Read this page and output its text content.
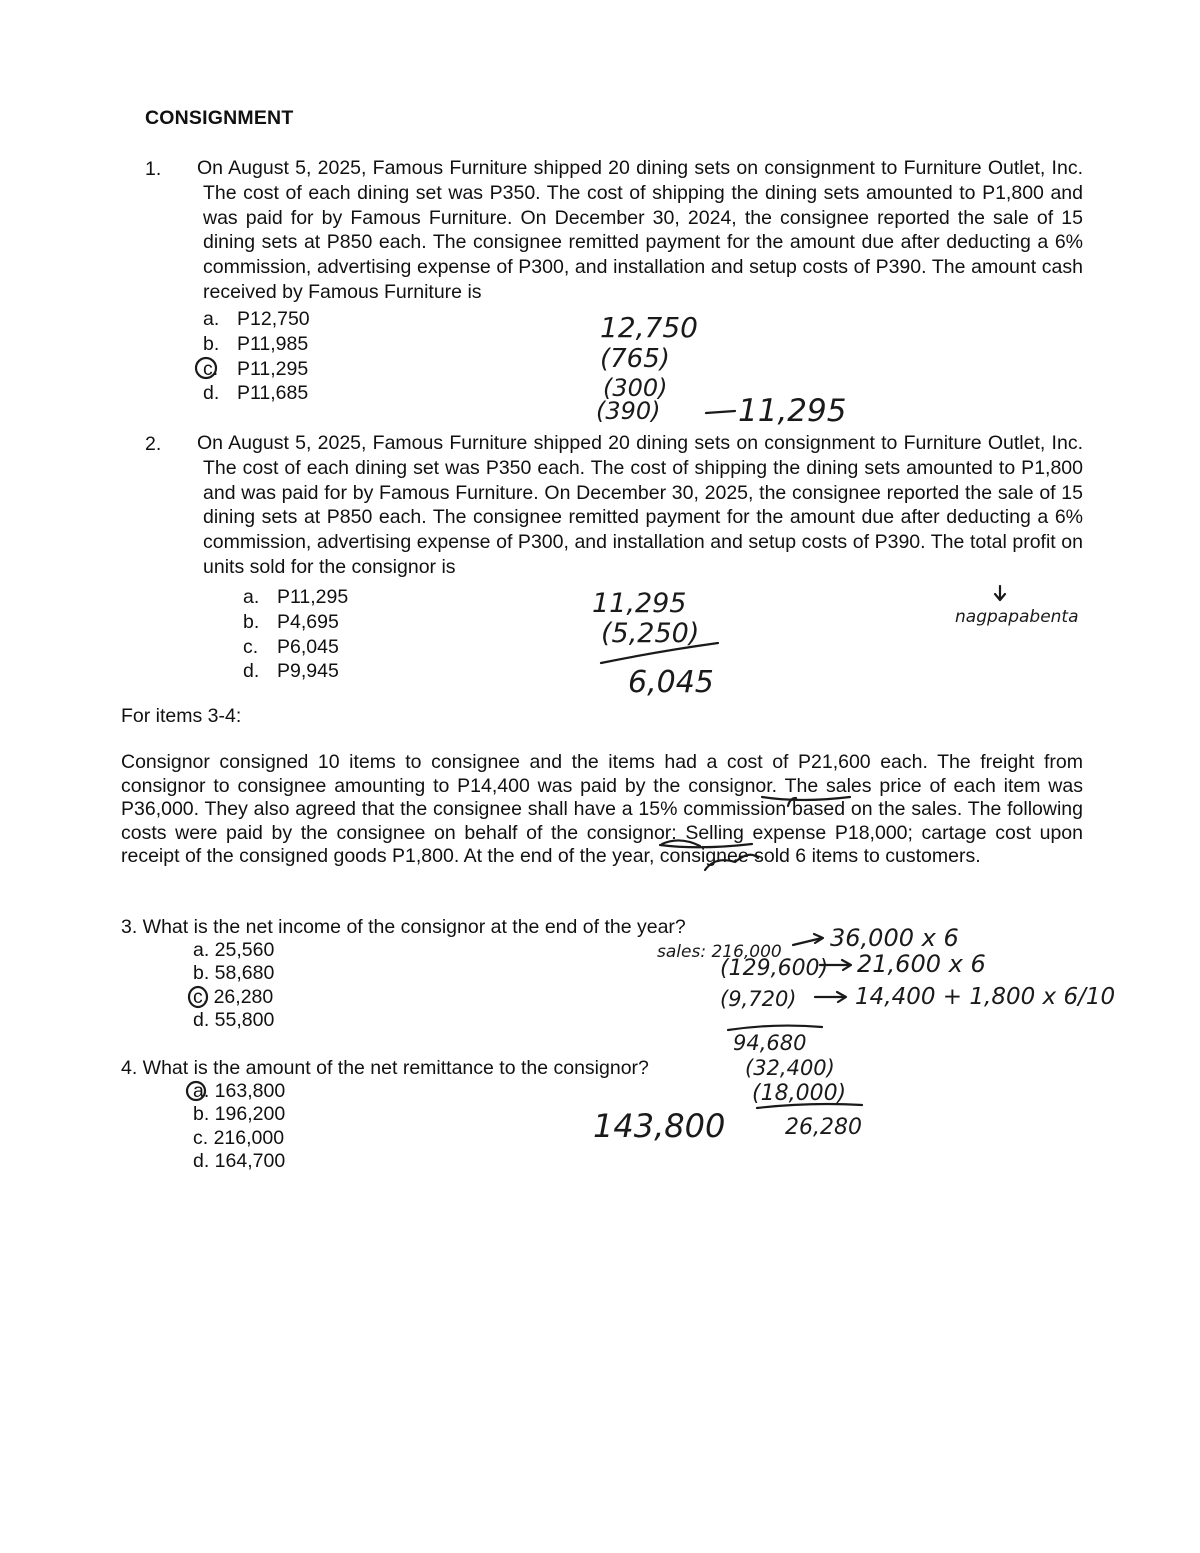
CONSIGNMENT
1. On August 5, 2025, Famous Furniture shipped 20 dining sets on consignment to Furniture Outlet, Inc. The cost of each dining set was P350. The cost of shipping the dining sets amounted to P1,800 and was paid for by Famous Furniture. On December 30, 2024, the consignee reported the sale of 15 dining sets at P850 each. The consignee remitted payment for the amount due after deducting a 6% commission, advertising expense of P300, and installation and setup costs of P390. The amount cash received by Famous Furniture is
a. P12,750
b. P11,985
c. P11,295
d. P11,685
2. On August 5, 2025, Famous Furniture shipped 20 dining sets on consignment to Furniture Outlet, Inc. The cost of each dining set was P350 each. The cost of shipping the dining sets amounted to P1,800 and was paid for by Famous Furniture. On December 30, 2025, the consignee reported the sale of 15 dining sets at P850 each. The consignee remitted payment for the amount due after deducting a 6% commission, advertising expense of P300, and installation and setup costs of P390. The total profit on units sold for the consignor is
a. P11,295
b. P4,695
c. P6,045
d. P9,945
For items 3-4:
Consignor consigned 10 items to consignee and the items had a cost of P21,600 each. The freight from consignor to consignee amounting to P14,400 was paid by the consignor. The sales price of each item was P36,000. They also agreed that the consignee shall have a 15% commission based on the sales. The following costs were paid by the consignee on behalf of the consignor: Selling expense P18,000; cartage cost upon receipt of the consigned goods P1,800. At the end of the year, consignee sold 6 items to customers.
3. What is the net income of the consignor at the end of the year?
a. 25,560
b. 58,680
c. 26,280
d. 55,800
4. What is the amount of the net remittance to the consignor?
a. 163,800
b. 196,200
c. 216,000
d. 164,700
12,750
(765)
(300)
(390) 11,295
11,295
(5,250)
6,045
nagpapabenta
sales: 216,000 36,000 x 6
(129,600) 21,600 x 6
(9,720)	14,400 + 1,800 x 6/10
94,680
(32,400)
(18,000)
26,280
143,800
